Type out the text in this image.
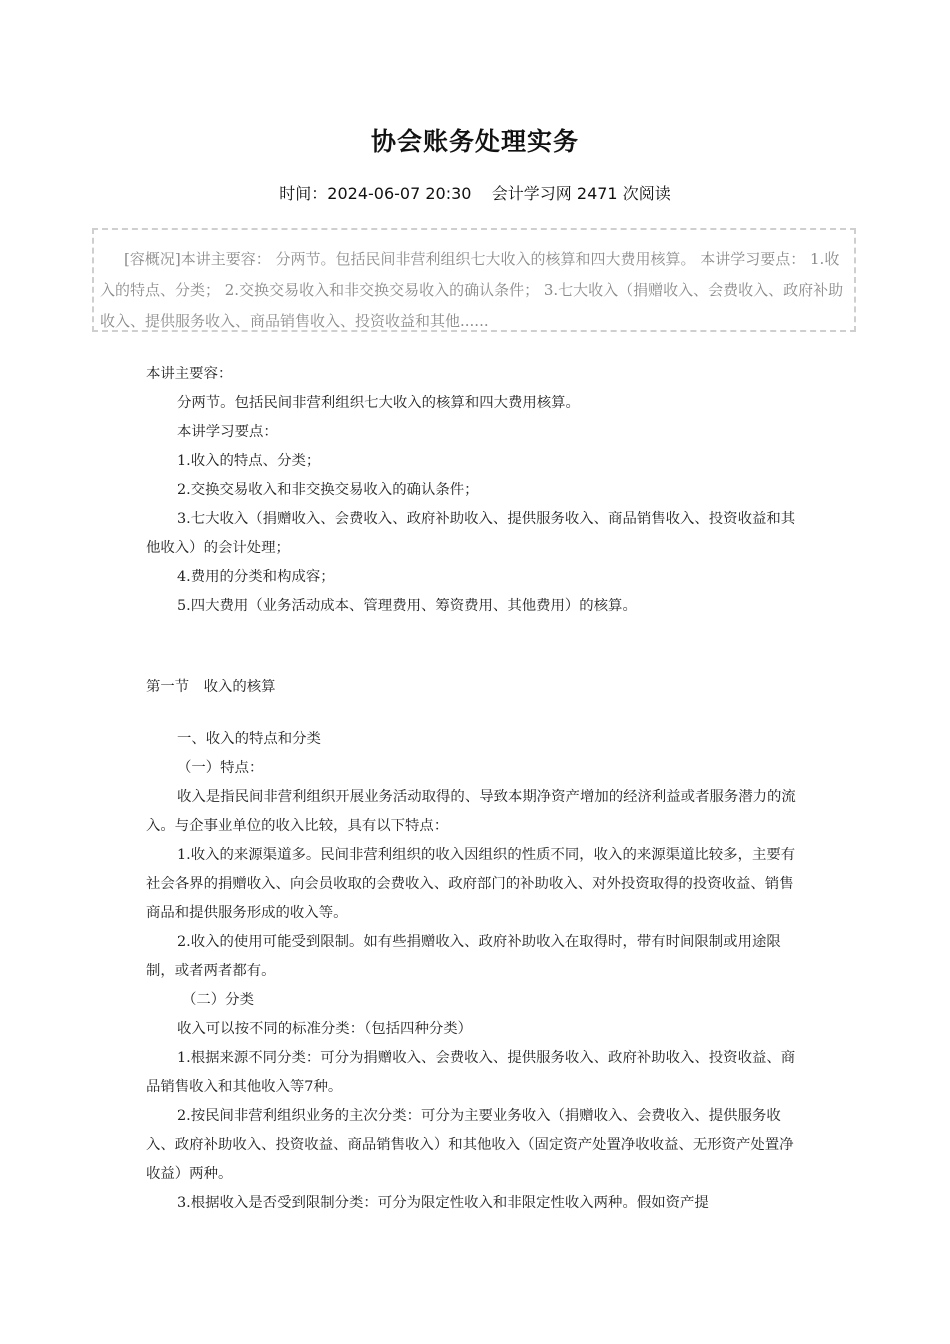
协会账务处理实务
时间：2024-06-07 20:30    会计学习网 2471 次阅读
[容概况]本讲主要容： 分两节。包括民间非营利组织七大收入的核算和四大费用核算。 本讲学习要点： 1.收入的特点、分类； 2.交换交易收入和非交换交易收入的确认条件； 3.七大收入（捐赠收入、会费收入、政府补助收入、提供服务收入、商品销售收入、投资收益和其他......

本讲主要容：

分两节。包括民间非营利组织七大收入的核算和四大费用核算。

本讲学习要点：

1.收入的特点、分类；

2.交换交易收入和非交换交易收入的确认条件；

3.七大收入（捐赠收入、会费收入、政府补助收入、提供服务收入、商品销售收入、投资收益和其他收入）的会计处理；

4.费用的分类和构成容；

5.四大费用（业务活动成本、管理费用、筹资费用、其他费用）的核算。

第一节　收入的核算

一、收入的特点和分类

（一）特点：

收入是指民间非营利组织开展业务活动取得的、导致本期净资产增加的经济利益或者服务潜力的流入。与企事业单位的收入比较，具有以下特点：

1.收入的来源渠道多。民间非营利组织的收入因组织的性质不同，收入的来源渠道比较多，主要有社会各界的捐赠收入、向会员收取的会费收入、政府部门的补助收入、对外投资取得的投资收益、销售商品和提供服务形成的收入等。

2.收入的使用可能受到限制。如有些捐赠收入、政府补助收入在取得时，带有时间限制或用途限制，或者两者都有。

（二）分类

收入可以按不同的标准分类：（包括四种分类）

1.根据来源不同分类：可分为捐赠收入、会费收入、提供服务收入、政府补助收入、投资收益、商品销售收入和其他收入等7种。

2.按民间非营利组织业务的主次分类：可分为主要业务收入（捐赠收入、会费收入、提供服务收入、政府补助收入、投资收益、商品销售收入）和其他收入（固定资产处置净收收益、无形资产处置净收益）两种。

3.根据收入是否受到限制分类：可分为限定性收入和非限定性收入两种。假如资产提
